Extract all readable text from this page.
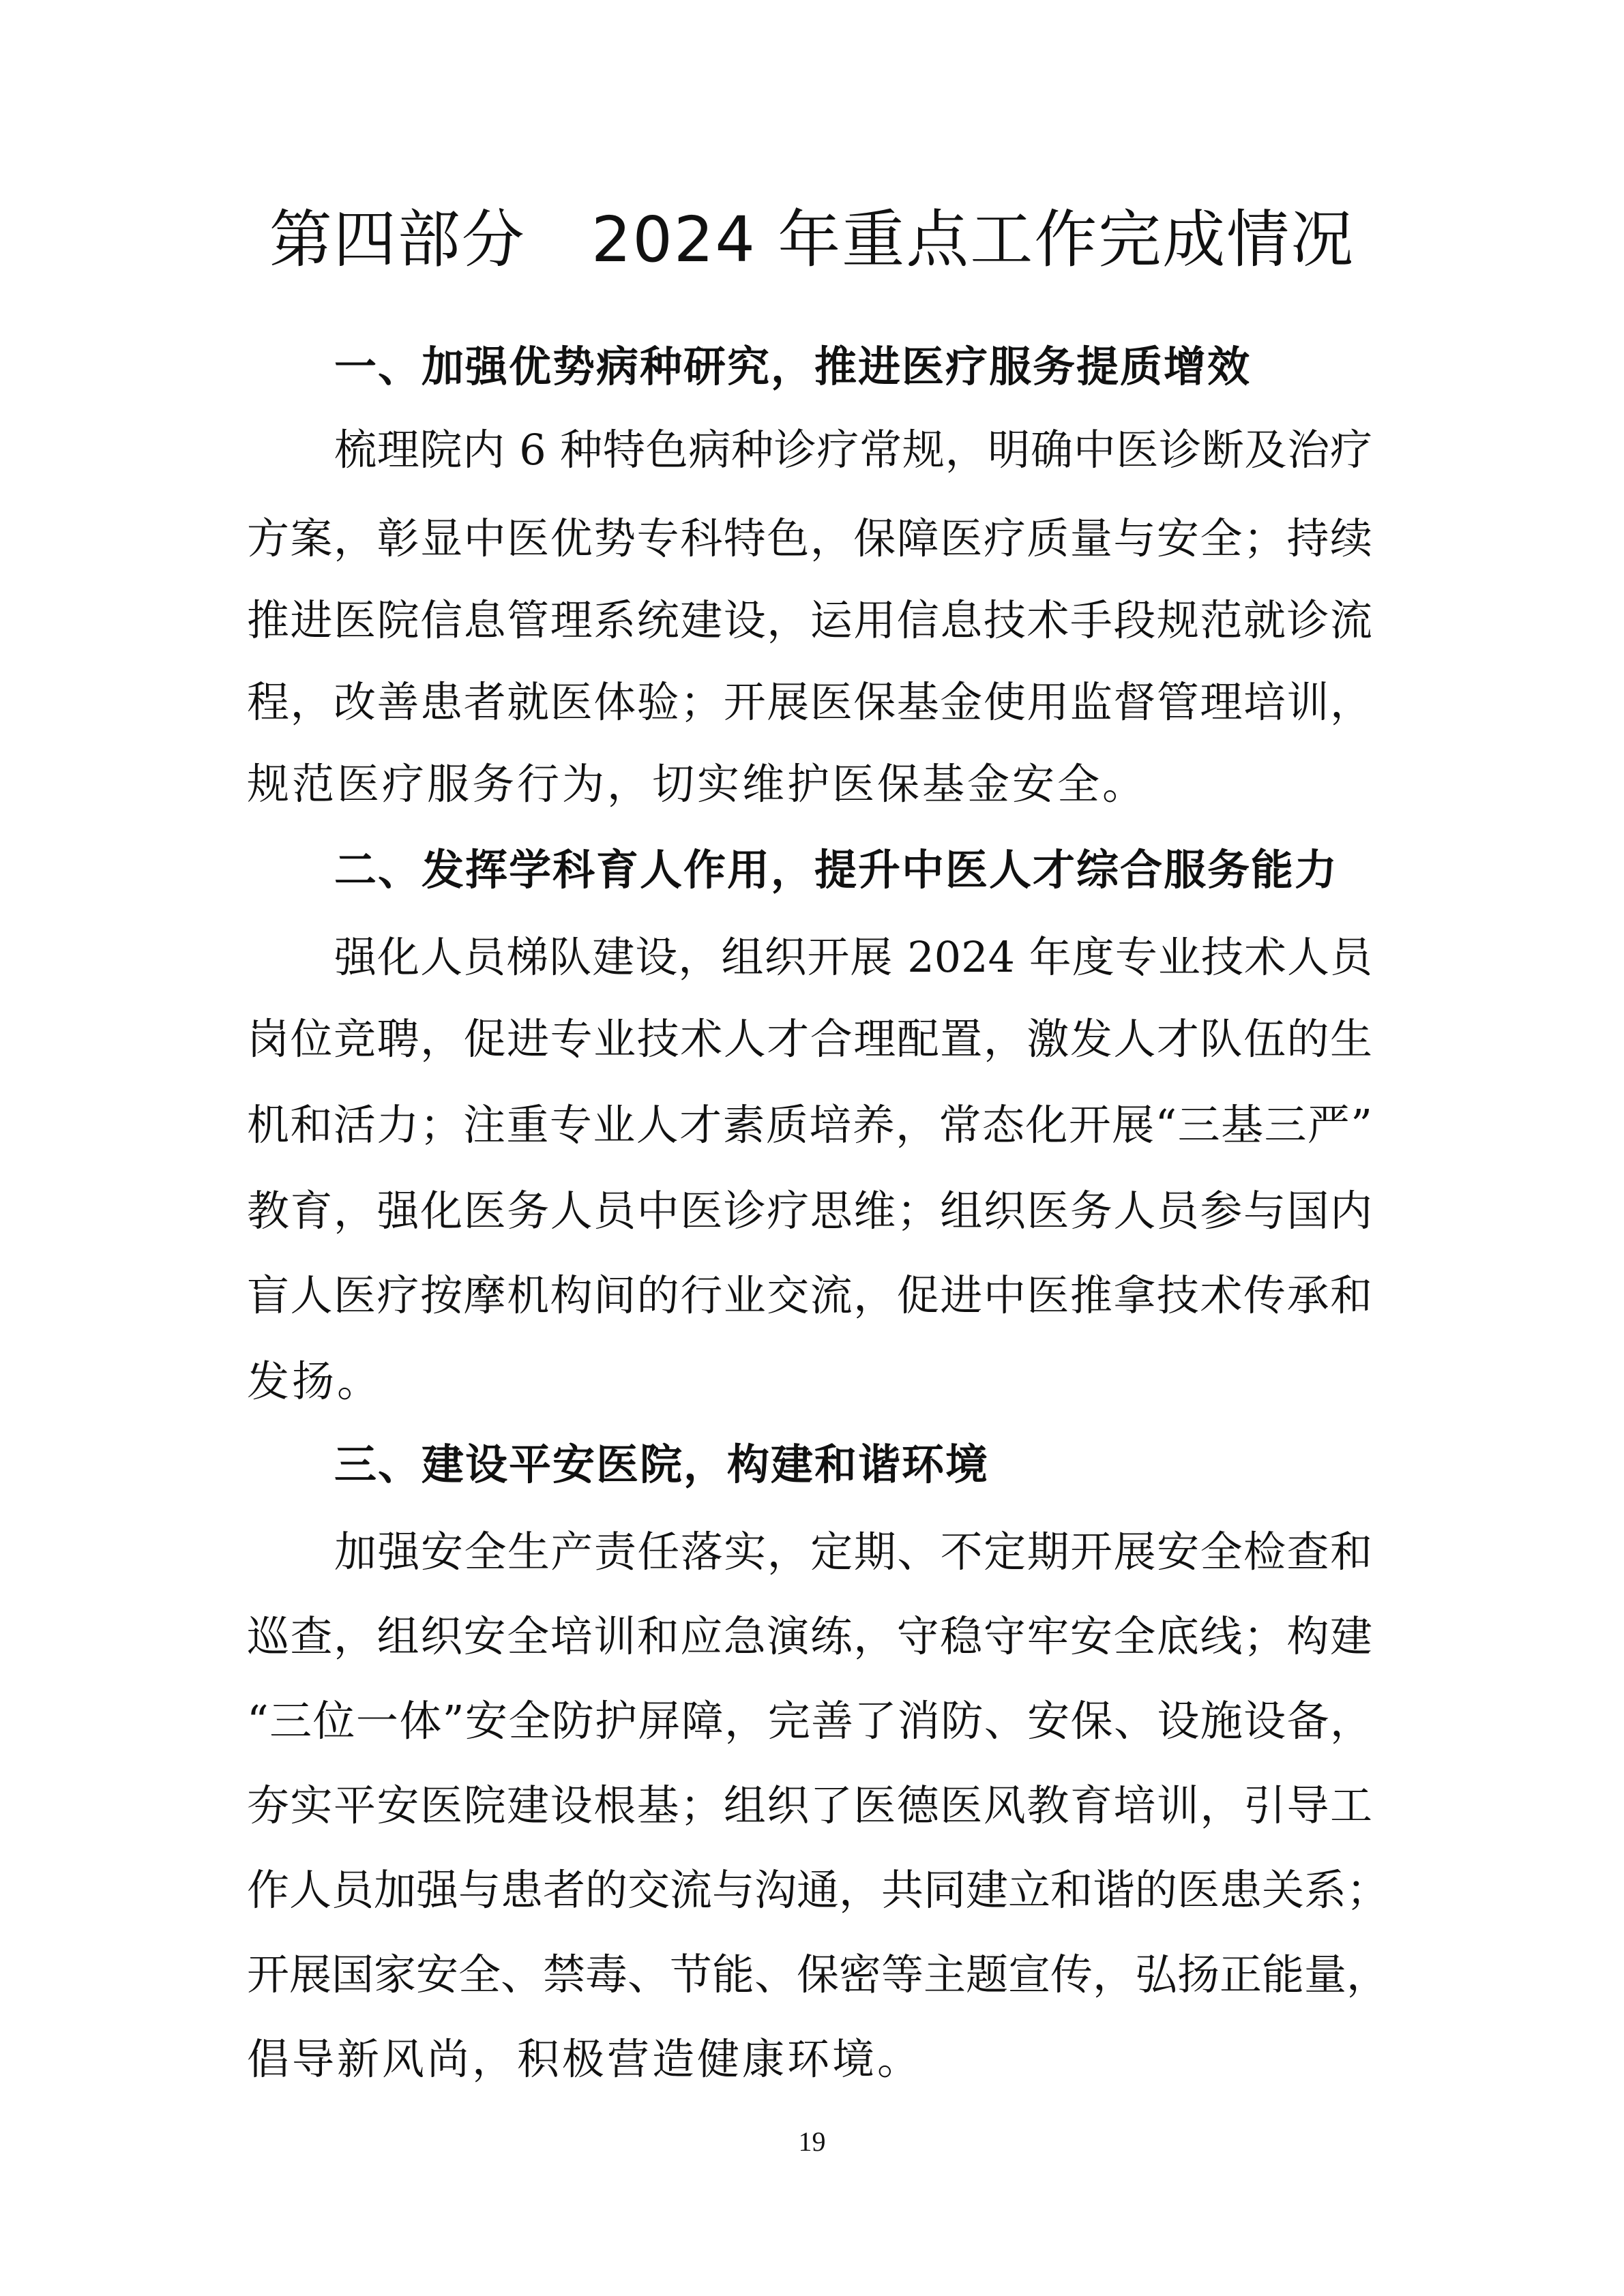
第四部分 2024 年重点工作完成情况
一、加强优势病种研究，推进医疗服务提质增效
梳理院内 6 种特色病种诊疗常规，明确中医诊断及治疗
方案，彰显中医优势专科特色，保障医疗质量与安全；持续
推进医院信息管理系统建设，运用信息技术手段规范就诊流
程，改善患者就医体验；开展医保基金使用监督管理培训，
规范医疗服务行为，切实维护医保基金安全。
二、发挥学科育人作用，提升中医人才综合服务能力
强化人员梯队建设，组织开展 2024 年度专业技术人员
岗位竞聘，促进专业技术人才合理配置，激发人才队伍的生
机和活力；注重专业人才素质培养，常态化开展“三基三严”
教育，强化医务人员中医诊疗思维；组织医务人员参与国内
盲人医疗按摩机构间的行业交流，促进中医推拿技术传承和
发扬。
三、建设平安医院，构建和谐环境
加强安全生产责任落实，定期、不定期开展安全检查和
巡查，组织安全培训和应急演练，守稳守牢安全底线；构建
“三位一体”安全防护屏障，完善了消防、安保、设施设备，
夯实平安医院建设根基；组织了医德医风教育培训，引导工
作人员加强与患者的交流与沟通，共同建立和谐的医患关系；
开展国家安全、禁毒、节能、保密等主题宣传，弘扬正能量，
倡导新风尚，积极营造健康环境。
19
